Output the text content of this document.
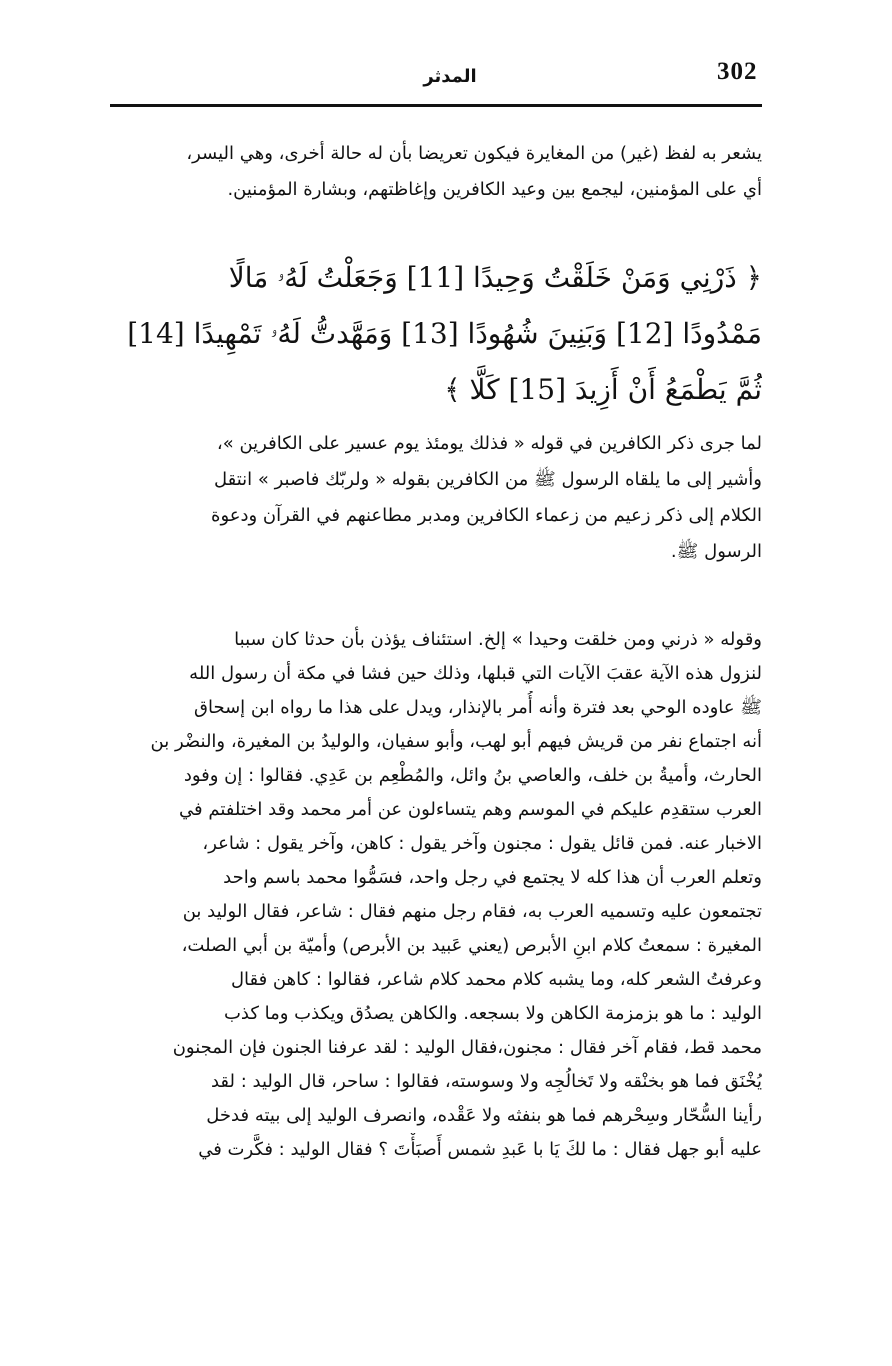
302
المدثر
يشعر به لفظ (غير) من المغايرة فيكون تعريضا بأن له حالة أخرى، وهي اليسر،
أي على المؤمنين، ليجمع بين وعيد الكافرين وإغاظتهم، وبشارة المؤمنين.
﴿ ذَرْنِي وَمَنْ خَلَقْتُ وَحِيدًا [11] وَجَعَلْتُ لَهُۥ مَالًا
مَمْدُودًا [12] وَبَنِينَ شُهُودًا [13] وَمَهَّدتُّ لَهُۥ تَمْهِيدًا [14]
ثُمَّ يَطْمَعُ أَنْ أَزِيدَ [15] كَلَّا ﴾
لما جرى ذكر الكافرين في قوله « فذلك يومئذ يوم عسير على الكافرين »،
وأشير إلى ما يلقاه الرسول ﷺ من الكافرين بقوله « ولربّك فاصبر » انتقل
الكلام إلى ذكر زعيم من زعماء الكافرين ومدبر مطاعنهم في القرآن ودعوة
الرسول ﷺ.
وقوله « ذرني ومن خلقت وحيدا » إلخ. استئناف يؤذن بأن حدثا كان سببا
لنزول هذه الآية عقبَ الآيات التي قبلها، وذلك حين فشا في مكة أن رسول الله
ﷺ عاوده الوحي بعد فترة وأنه أُمر بالإنذار، ويدل على هذا ما رواه ابن إسحاق
أنه اجتماع نفر من قريش فيهم أبو لهب، وأبو سفيان، والوليدُ بن المغيرة، والنضْر بن
الحارث، وأميةُ بن خلف، والعاصي بنُ وائل، والمُطْعِم بن عَدِي. فقالوا : إن وفود
العرب ستقدِم عليكم في الموسم وهم يتساءلون عن أمر محمد وقد اختلفتم في
الاخبار عنه. فمن قائل يقول : مجنون وآخر يقول : كاهن، وآخر يقول : شاعر،
وتعلم العرب أن هذا كله لا يجتمع في رجل واحد، فسَمُّوا محمد باسم واحد
تجتمعون عليه وتسميه العرب به، فقام رجل منهم فقال : شاعر، فقال الوليد بن
المغيرة : سمعتُ كلام ابنِ الأبرص (يعني عَبيد بن الأبرص) وأميّة بن أبي الصلت،
وعرفتُ الشعر كله، وما يشبه كلام محمد كلام شاعر، فقالوا : كاهن فقال
الوليد : ما هو بزمزمة الكاهن ولا بسجعه. والكاهن يصدُق ويكذب وما كذب
محمد قط، فقام آخر فقال : مجنون،فقال الوليد : لقد عرفنا الجنون فإن المجنون
يُخْنَق فما هو بخنْقه ولا تَخالُجِه ولا وسوسته، فقالوا : ساحر، قال الوليد : لقد
رأينا السُّحّار وسِحْرهم فما هو بنفثه ولا عَقْده، وانصرف الوليد إلى بيته فدخل
عليه أبو جهل فقال : ما لكَ يَا با عَبدِ شمس أَصبَأْتَ ؟ فقال الوليد : فكَّرت في
